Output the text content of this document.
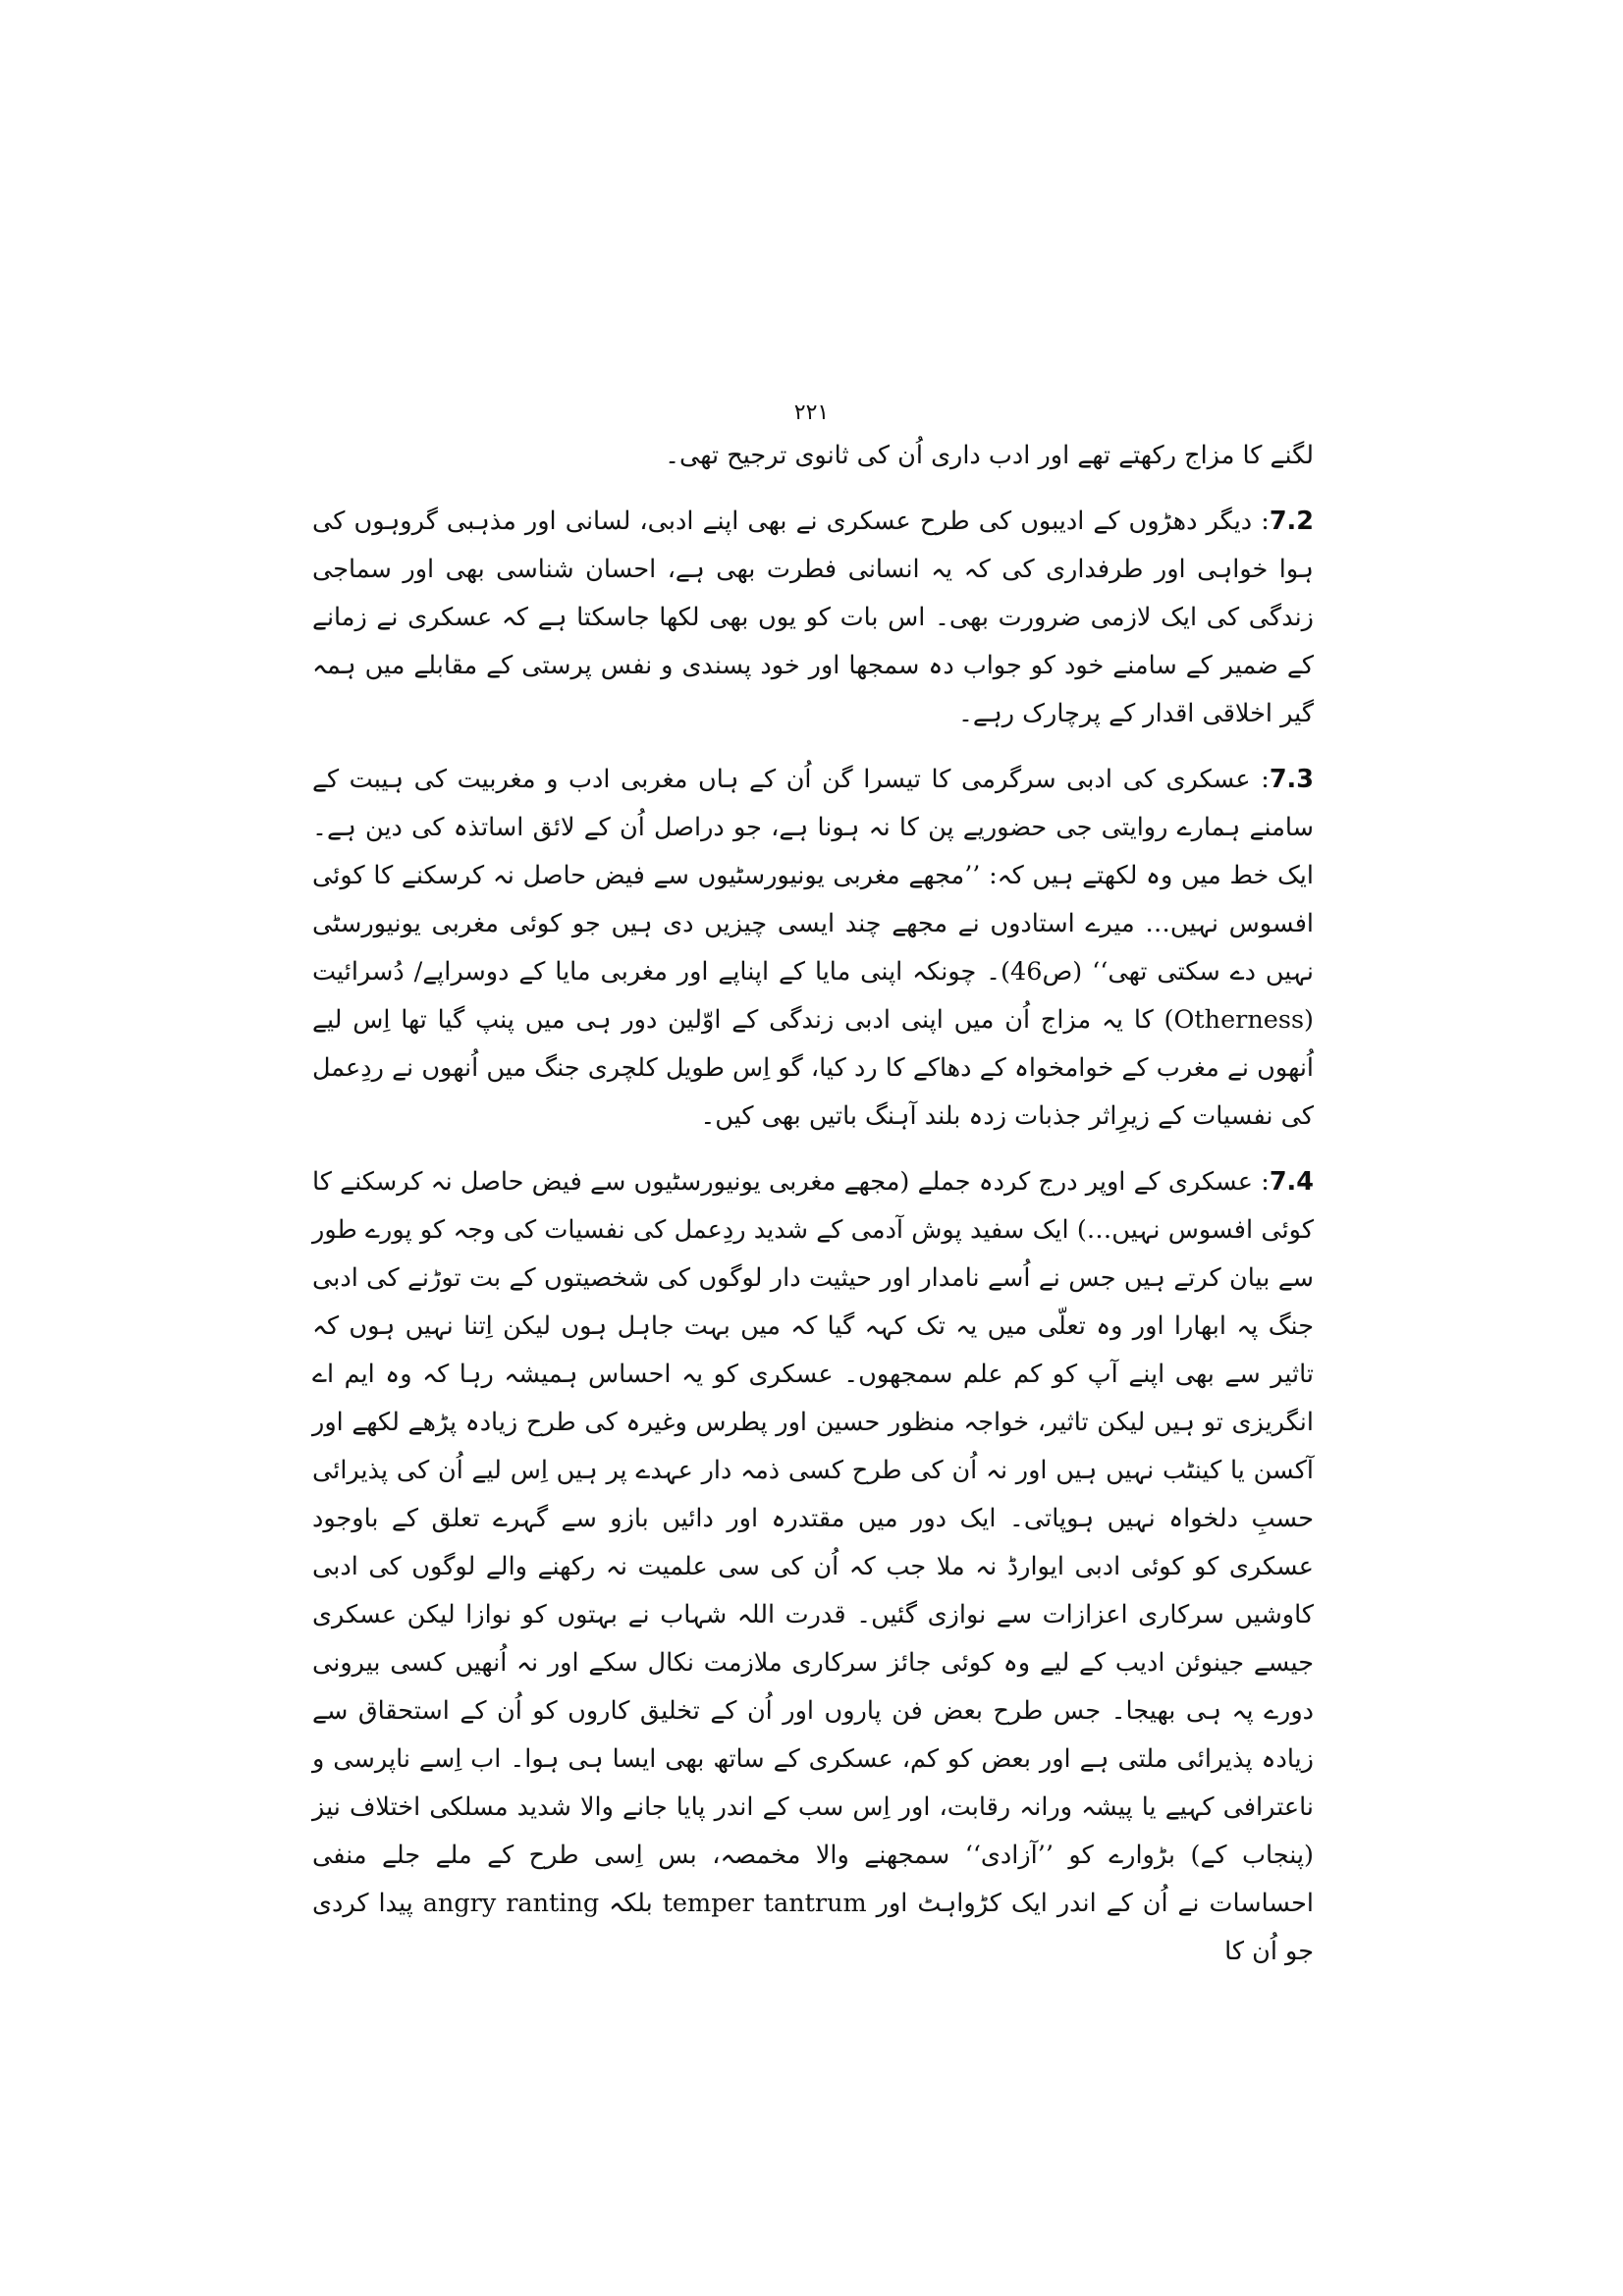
۲۲۱

لگنے کا مزاج رکھتے تھے اور ادب داری اُن کی ثانوی ترجیح تھی۔

7.2: دیگر دھڑوں کے ادیبوں کی طرح عسکری نے بھی اپنے ادبی، لسانی اور مذہبی گروہوں کی ہوا خواہی اور طرفداری کی کہ یہ انسانی فطرت بھی ہے، احسان شناسی بھی اور سماجی زندگی کی ایک لازمی ضرورت بھی۔ اس بات کو یوں بھی لکھا جاسکتا ہے کہ عسکری نے زمانے کے ضمیر کے سامنے خود کو جواب دہ سمجھا اور خود پسندی و نفس پرستی کے مقابلے میں ہمہ گیر اخلاقی اقدار کے پرچارک رہے۔

7.3: عسکری کی ادبی سرگرمی کا تیسرا گن اُن کے ہاں مغربی ادب و مغربیت کی ہیبت کے سامنے ہمارے روایتی جی حضوریے پن کا نہ ہونا ہے، جو دراصل اُن کے لائق اساتذہ کی دین ہے۔ ایک خط میں وہ لکھتے ہیں کہ: ’’مجھے مغربی یونیورسٹیوں سے فیض حاصل نہ کرسکنے کا کوئی افسوس نہیں… میرے استادوں نے مجھے چند ایسی چیزیں دی ہیں جو کوئی مغربی یونیورسٹی نہیں دے سکتی تھی‘‘ (ص46)۔ چونکہ اپنی مایا کے اپناپے اور مغربی مایا کے دوسراپے/ دُسرائیت (Otherness) کا یہ مزاج اُن میں اپنی ادبی زندگی کے اوّلین دور ہی میں پنپ گیا تھا اِس لیے اُنھوں نے مغرب کے خوامخواہ کے دھاکے کا رد کیا، گو اِس طویل کلچری جنگ میں اُنھوں نے ردِعمل کی نفسیات کے زیرِاثر جذبات زدہ بلند آہنگ باتیں بھی کیں۔

7.4: عسکری کے اوپر درج کردہ جملے (مجھے مغربی یونیورسٹیوں سے فیض حاصل نہ کرسکنے کا کوئی افسوس نہیں…) ایک سفید پوش آدمی کے شدید ردِعمل کی نفسیات کی وجہ کو پورے طور سے بیان کرتے ہیں جس نے اُسے نامدار اور حیثیت دار لوگوں کی شخصیتوں کے بت توڑنے کی ادبی جنگ پہ ابھارا اور وہ تعلّی میں یہ تک کہہ گیا کہ میں بہت جاہل ہوں لیکن اِتنا نہیں ہوں کہ تاثیر سے بھی اپنے آپ کو کم علم سمجھوں۔ عسکری کو یہ احساس ہمیشہ رہا کہ وہ ایم اے انگریزی تو ہیں لیکن تاثیر، خواجہ منظور حسین اور پطرس وغیرہ کی طرح زیادہ پڑھے لکھے اور آکسن یا کینٹب نہیں ہیں اور نہ اُن کی طرح کسی ذمہ دار عہدے پر ہیں اِس لیے اُن کی پذیرائی حسبِ دلخواہ نہیں ہوپاتی۔ ایک دور میں مقتدرہ اور دائیں بازو سے گہرے تعلق کے باوجود عسکری کو کوئی ادبی ایوارڈ نہ ملا جب کہ اُن کی سی علمیت نہ رکھنے والے لوگوں کی ادبی کاوشیں سرکاری اعزازات سے نوازی گئیں۔ قدرت اللہ شہاب نے بہتوں کو نوازا لیکن عسکری جیسے جینوئن ادیب کے لیے وہ کوئی جائز سرکاری ملازمت نکال سکے اور نہ اُنھیں کسی بیرونی دورے پہ ہی بھیجا۔ جس طرح بعض فن پاروں اور اُن کے تخلیق کاروں کو اُن کے استحقاق سے زیادہ پذیرائی ملتی ہے اور بعض کو کم، عسکری کے ساتھ بھی ایسا ہی ہوا۔ اب اِسے ناپرسی و ناعترافی کہیے یا پیشہ ورانہ رقابت، اور اِس سب کے اندر پایا جانے والا شدید مسلکی اختلاف نیز (پنجاب کے) بڑوارے کو ’’آزادی‘‘ سمجھنے والا مخمصہ، بس اِسی طرح کے ملے جلے منفی احساسات نے اُن کے اندر ایک کڑواہٹ اور temper tantrum بلکہ angry ranting پیدا کردی جو اُن کا
